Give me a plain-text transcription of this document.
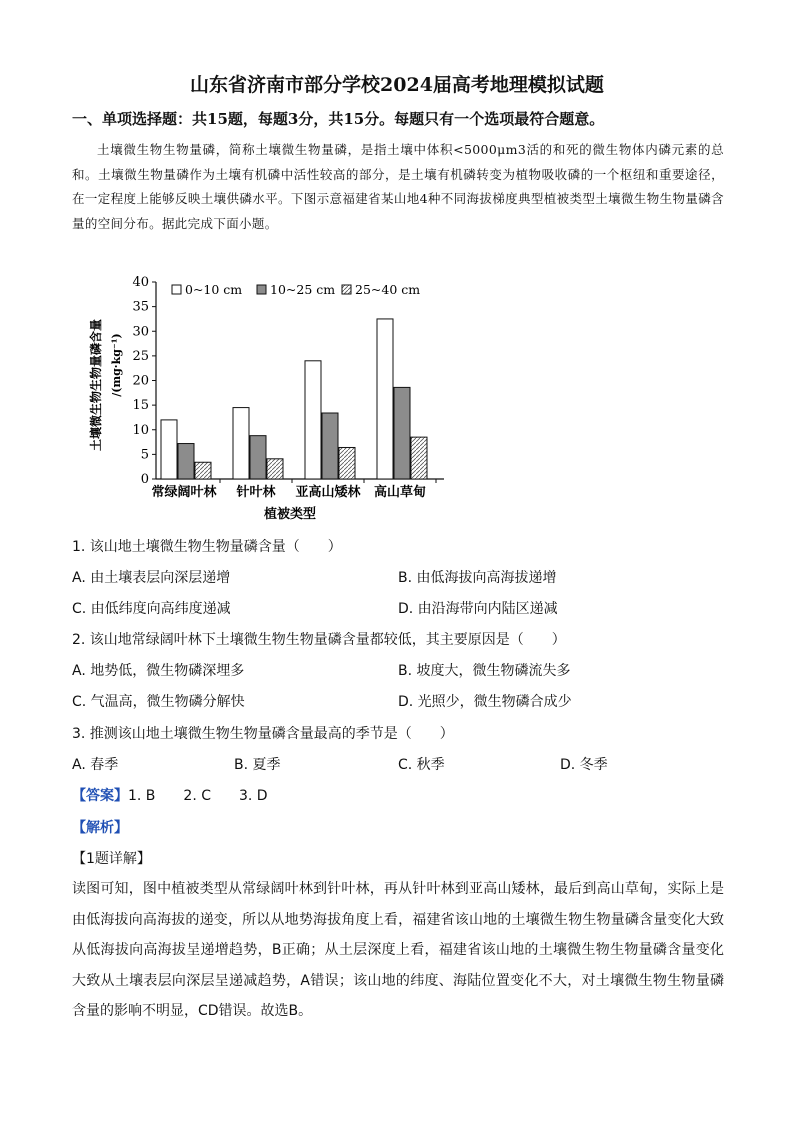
山东省济南市部分学校2024届高考地理模拟试题
一、单项选择题：共15题，每题3分，共15分。每题只有一个选项最符合题意。
土壤微生物生物量磷，简称土壤微生物量磷，是指土壤中体积<5000μm3活的和死的微生物体内磷元素的总和。土壤微生物量磷作为土壤有机磷中活性较高的部分，是土壤有机磷转变为植物吸收磷的一个枢纽和重要途径，在一定程度上能够反映土壤供磷水平。下图示意福建省某山地4种不同海拔梯度典型植被类型土壤微生物生物量磷含量的空间分布。据此完成下面小题。
土壤微生物生物量磷含量 /(mg·kg⁻¹)
0
5
10
15
20
25
30
35
40
常绿阔叶林 针叶林 亚高山矮林 高山草甸
0~10 cm 10~25 cm 25~40 cm
植被类型
1. 该山地土壤微生物生物量磷含量（　　）
A. 由土壤表层向深层递增	B. 由低海拔向高海拔递增
C. 由低纬度向高纬度递减	D. 由沿海带向内陆区递减
2. 该山地常绿阔叶林下土壤微生物生物量磷含量都较低，其主要原因是（　　）
A. 地势低，微生物磷深埋多	B. 坡度大，微生物磷流失多
C. 气温高，微生物磷分解快	D. 光照少，微生物磷合成少
3. 推测该山地土壤微生物生物量磷含量最高的季节是（　　）
A. 春季	B. 夏季	C. 秋季	D. 冬季
【答案】1. B　　2. C　　3. D
【解析】
【1题详解】
读图可知，图中植被类型从常绿阔叶林到针叶林，再从针叶林到亚高山矮林，最后到高山草甸，实际上是由低海拔向高海拔的递变，所以从地势海拔角度上看，福建省该山地的土壤微生物生物量磷含量变化大致从低海拔向高海拔呈递增趋势，B正确；从土层深度上看，福建省该山地的土壤微生物生物量磷含量变化大致从土壤表层向深层呈递减趋势，A错误；该山地的纬度、海陆位置变化不大，对土壤微生物生物量磷含量的影响不明显，CD错误。故选B。
